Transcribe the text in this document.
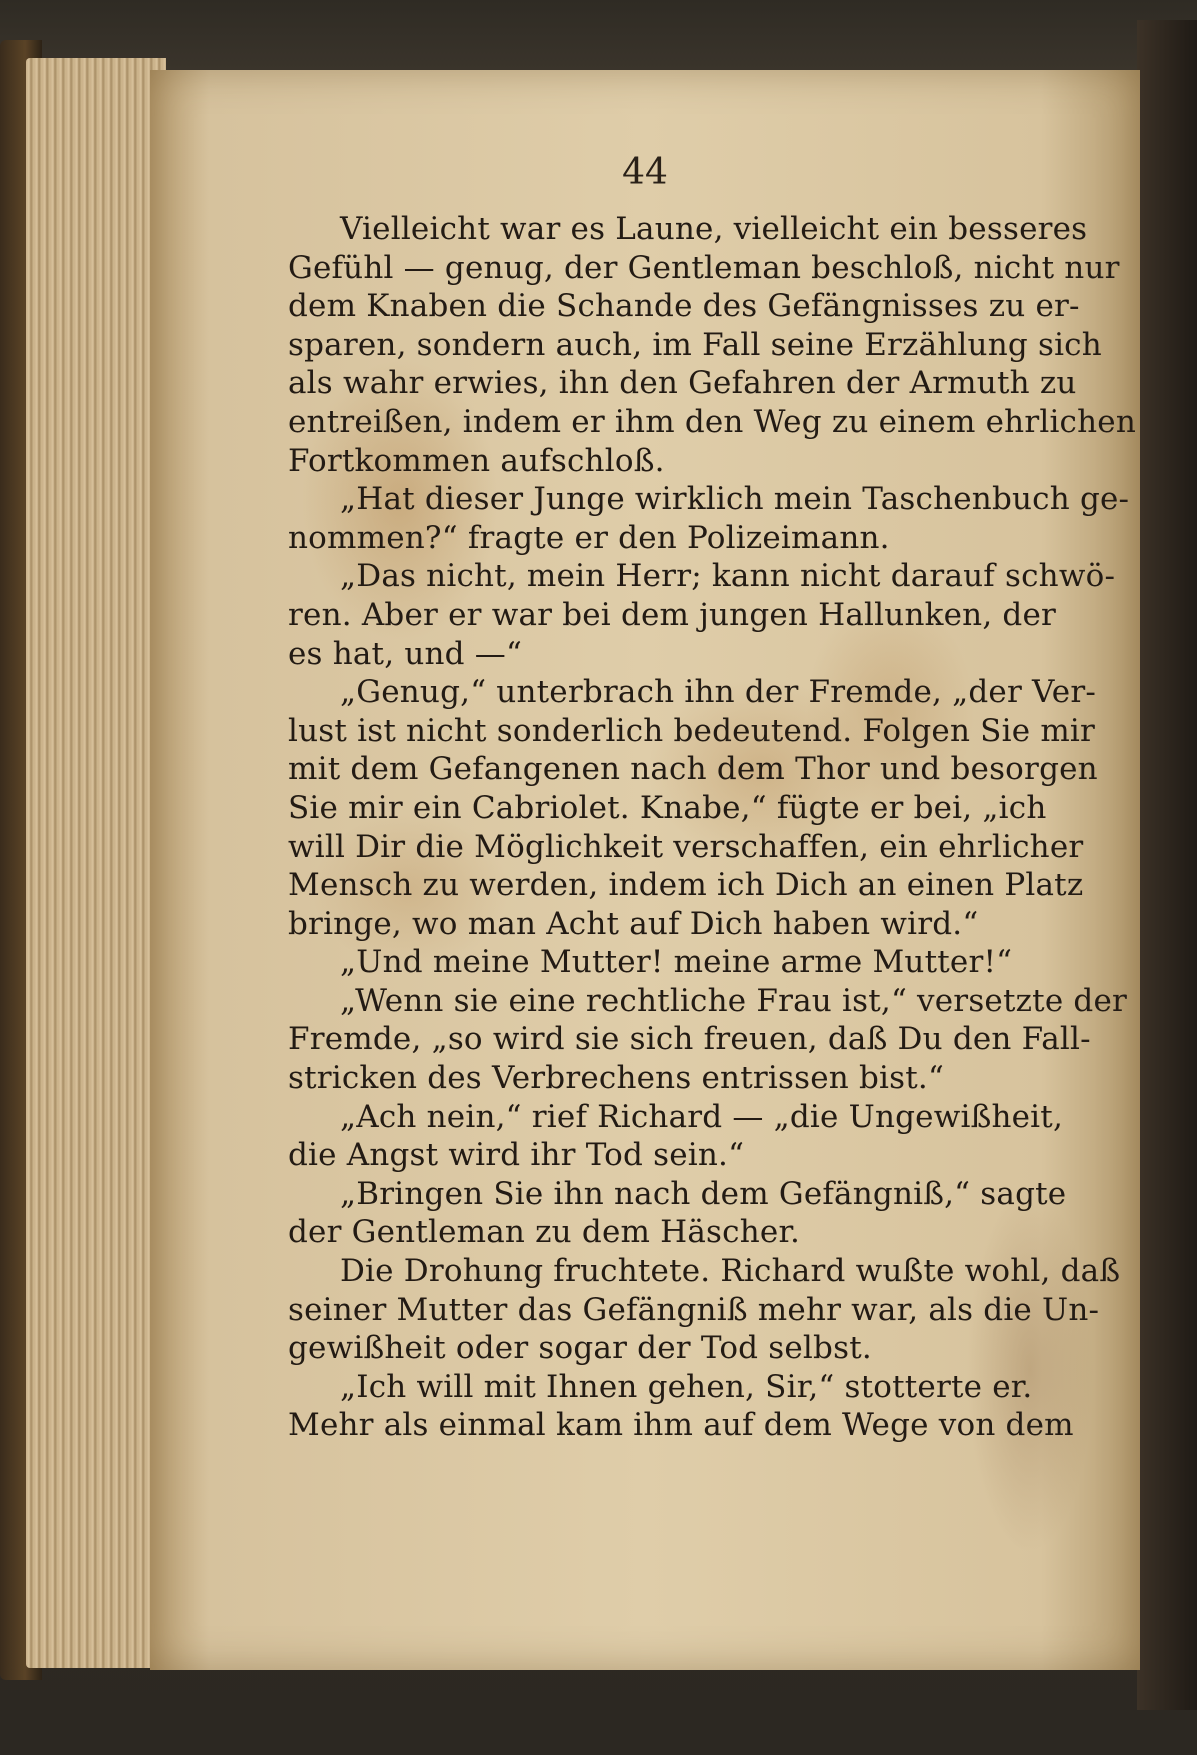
44
Vielleicht war es Laune, vielleicht ein besseres
Gefühl — genug, der Gentleman beschloß, nicht nur
dem Knaben die Schande des Gefängnisses zu er-
sparen, sondern auch, im Fall seine Erzählung sich
als wahr erwies, ihn den Gefahren der Armuth zu
entreißen, indem er ihm den Weg zu einem ehrlichen
Fortkommen aufschloß.
„Hat dieser Junge wirklich mein Taschenbuch ge-
nommen?“ fragte er den Polizeimann.
„Das nicht, mein Herr; kann nicht darauf schwö-
ren. Aber er war bei dem jungen Hallunken, der
es hat, und —“
„Genug,“ unterbrach ihn der Fremde, „der Ver-
lust ist nicht sonderlich bedeutend. Folgen Sie mir
mit dem Gefangenen nach dem Thor und besorgen
Sie mir ein Cabriolet. Knabe,“ fügte er bei, „ich
will Dir die Möglichkeit verschaffen, ein ehrlicher
Mensch zu werden, indem ich Dich an einen Platz
bringe, wo man Acht auf Dich haben wird.“
„Und meine Mutter! meine arme Mutter!“
„Wenn sie eine rechtliche Frau ist,“ versetzte der
Fremde, „so wird sie sich freuen, daß Du den Fall-
stricken des Verbrechens entrissen bist.“
„Ach nein,“ rief Richard — „die Ungewißheit,
die Angst wird ihr Tod sein.“
„Bringen Sie ihn nach dem Gefängniß,“ sagte
der Gentleman zu dem Häscher.
Die Drohung fruchtete. Richard wußte wohl, daß
seiner Mutter das Gefängniß mehr war, als die Un-
gewißheit oder sogar der Tod selbst.
„Ich will mit Ihnen gehen, Sir,“ stotterte er.
Mehr als einmal kam ihm auf dem Wege von dem
